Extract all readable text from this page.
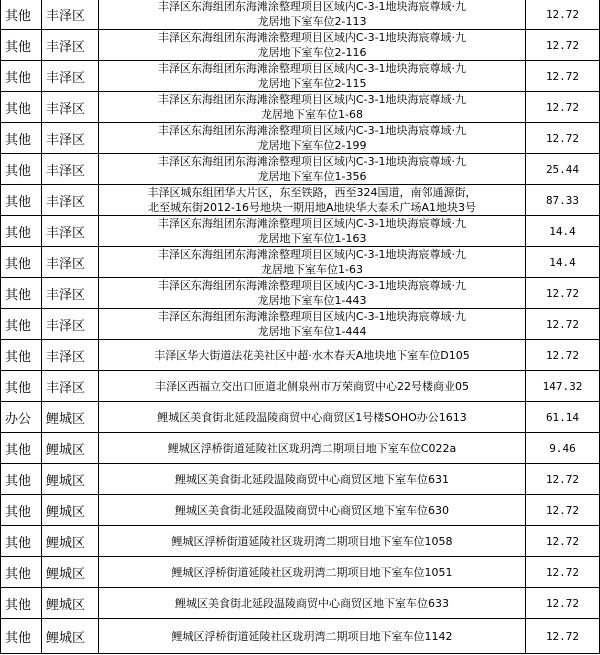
其他	丰泽区	丰泽区东海组团东海滩涂整理项目区域内C-3-1地块海宸尊域·九
龙居地下室车位2-113	12.72
其他	丰泽区	丰泽区东海组团东海滩涂整理项目区域内C-3-1地块海宸尊域·九
龙居地下室车位2-116	12.72
其他	丰泽区	丰泽区东海组团东海滩涂整理项目区域内C-3-1地块海宸尊域·九
龙居地下室车位2-115	12.72
其他	丰泽区	丰泽区东海组团东海滩涂整理项目区域内C-3-1地块海宸尊域·九
龙居地下室车位1-68	12.72
其他	丰泽区	丰泽区东海组团东海滩涂整理项目区域内C-3-1地块海宸尊域·九
龙居地下室车位2-199	12.72
其他	丰泽区	丰泽区东海组团东海滩涂整理项目区域内C-3-1地块海宸尊域·九
龙居地下室车位1-356	25.44
其他	丰泽区	丰泽区城东组团华大片区，东至铁路，西至324国道，南邻通源街，
北至城东街2012-16号地块一期用地A地块华大泰禾广场A1地块3号	87.33
其他	丰泽区	丰泽区东海组团东海滩涂整理项目区域内C-3-1地块海宸尊域·九
龙居地下室车位1-163	14.4
其他	丰泽区	丰泽区东海组团东海滩涂整理项目区域内C-3-1地块海宸尊域·九
龙居地下室车位1-63	14.4
其他	丰泽区	丰泽区东海组团东海滩涂整理项目区域内C-3-1地块海宸尊域·九
龙居地下室车位1-443	12.72
其他	丰泽区	丰泽区东海组团东海滩涂整理项目区域内C-3-1地块海宸尊域·九
龙居地下室车位1-444	12.72
其他	丰泽区	丰泽区华大街道法花美社区中超·水木春天A地块地下室车位D105	12.72
其他	丰泽区	丰泽区西福立交出口匝道北侧泉州市万荣商贸中心22号楼商业05	147.32
办公	鲤城区	鲤城区美食街北延段温陵商贸中心商贸区1号楼SOHO办公1613	61.14
其他	鲤城区	鲤城区浮桥街道延陵社区珑玥湾二期项目地下室车位C022a	9.46
其他	鲤城区	鲤城区美食街北延段温陵商贸中心商贸区地下室车位631	12.72
其他	鲤城区	鲤城区美食街北延段温陵商贸中心商贸区地下室车位630	12.72
其他	鲤城区	鲤城区浮桥街道延陵社区珑玥湾二期项目地下室车位1058	12.72
其他	鲤城区	鲤城区浮桥街道延陵社区珑玥湾二期项目地下室车位1051	12.72
其他	鲤城区	鲤城区美食街北延段温陵商贸中心商贸区地下室车位633	12.72
其他	鲤城区	鲤城区浮桥街道延陵社区珑玥湾二期项目地下室车位1142	12.72
